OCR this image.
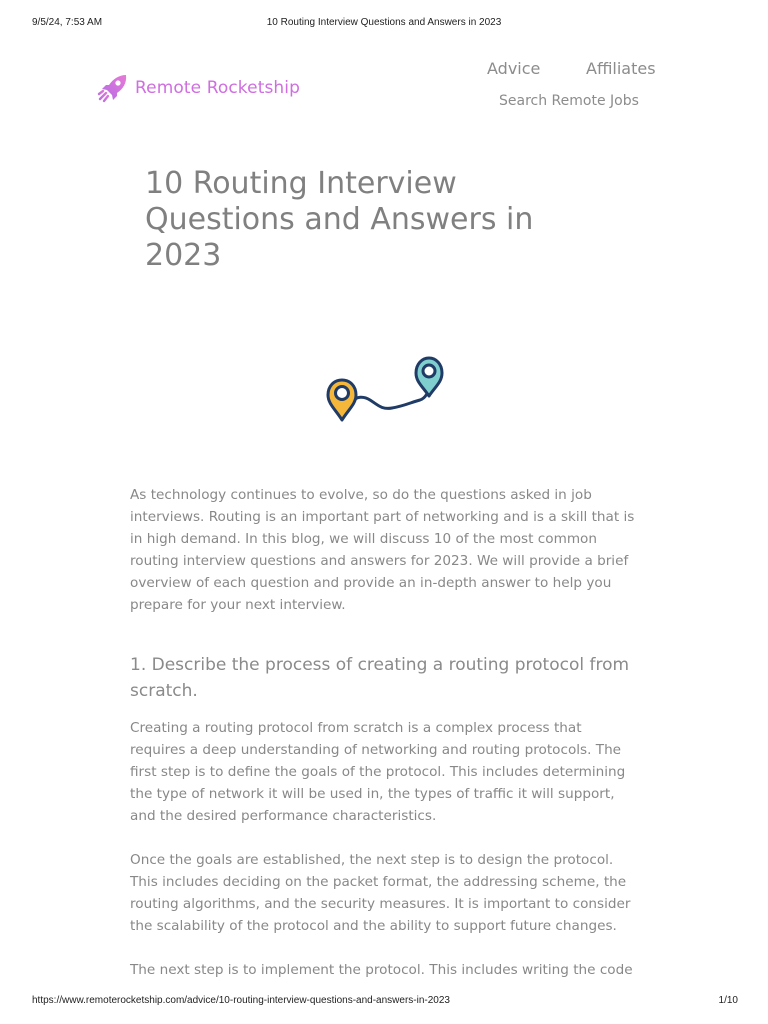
9/5/24, 7:53 AM	10 Routing Interview Questions and Answers in 2023
Remote Rocketship
Advice	Affiliates
Search Remote Jobs
10 Routing Interview Questions and Answers in 2023

As technology continues to evolve, so do the questions asked in job interviews. Routing is an important part of networking and is a skill that is in high demand. In this blog, we will discuss 10 of the most common routing interview questions and answers for 2023. We will provide a brief overview of each question and provide an in-depth answer to help you prepare for your next interview.

1. Describe the process of creating a routing protocol from scratch.

Creating a routing protocol from scratch is a complex process that requires a deep understanding of networking and routing protocols. The first step is to define the goals of the protocol. This includes determining the type of network it will be used in, the types of traffic it will support, and the desired performance characteristics.

Once the goals are established, the next step is to design the protocol. This includes deciding on the packet format, the addressing scheme, the routing algorithms, and the security measures. It is important to consider the scalability of the protocol and the ability to support future changes.

The next step is to implement the protocol. This includes writing the code

https://www.remoterocketship.com/advice/10-routing-interview-questions-and-answers-in-2023	1/10
